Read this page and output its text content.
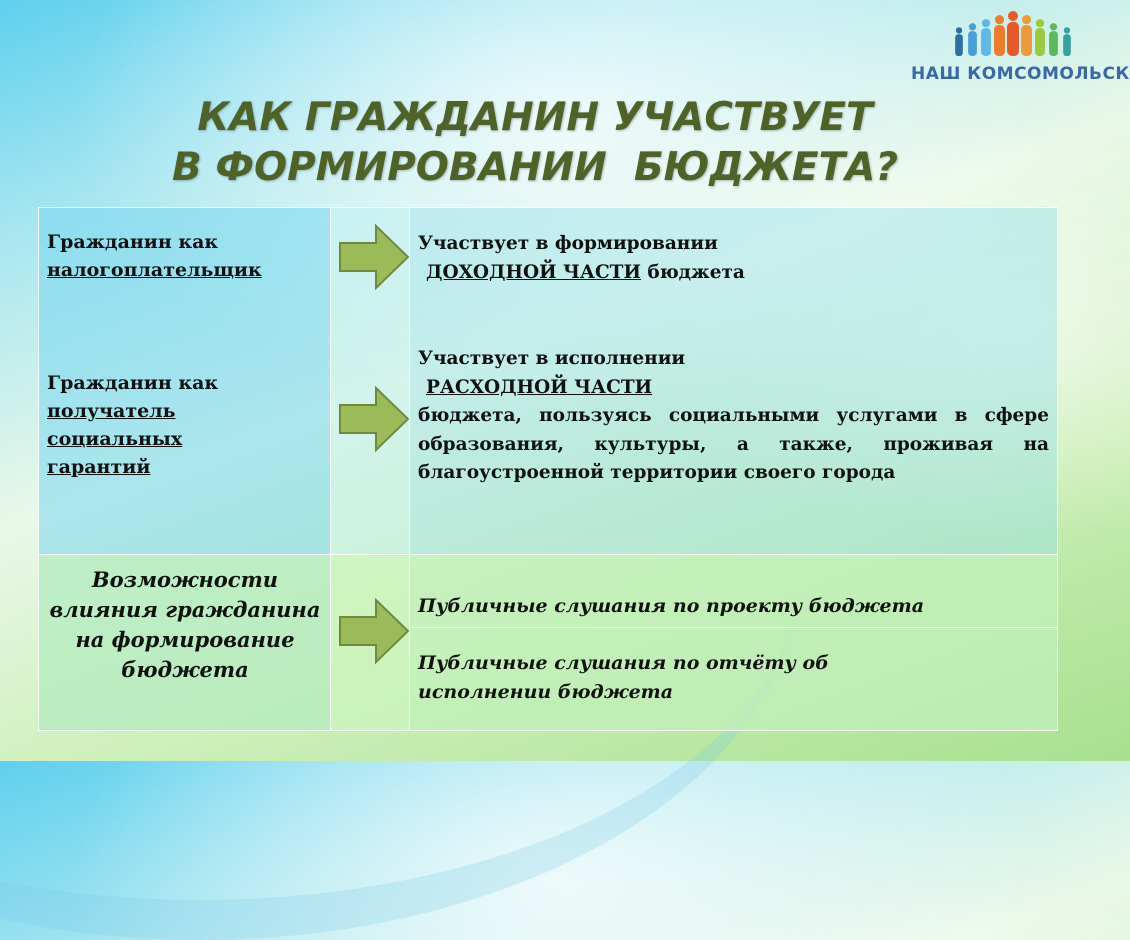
НАШ КОМСОМОЛЬСК
КАК ГРАЖДАНИН УЧАСТВУЕТ
В ФОРМИРОВАНИИ  БЮДЖЕТА?
Гражданин как
налогоплательщик
Гражданин как
получатель
социальных
гарантий
Участвует в формировании
ДОХОДНОЙ ЧАСТИ бюджета
Участвует в исполнении
РАСХОДНОЙ ЧАСТИ
бюджета, пользуясь социальными услугами в сфере образования, культуры, а также, проживая на благоустроенной территории своего города
Возможности влияния гражданина на формирование бюджета
Публичные слушания по проекту бюджета
Публичные слушания по отчёту об исполнении бюджета
